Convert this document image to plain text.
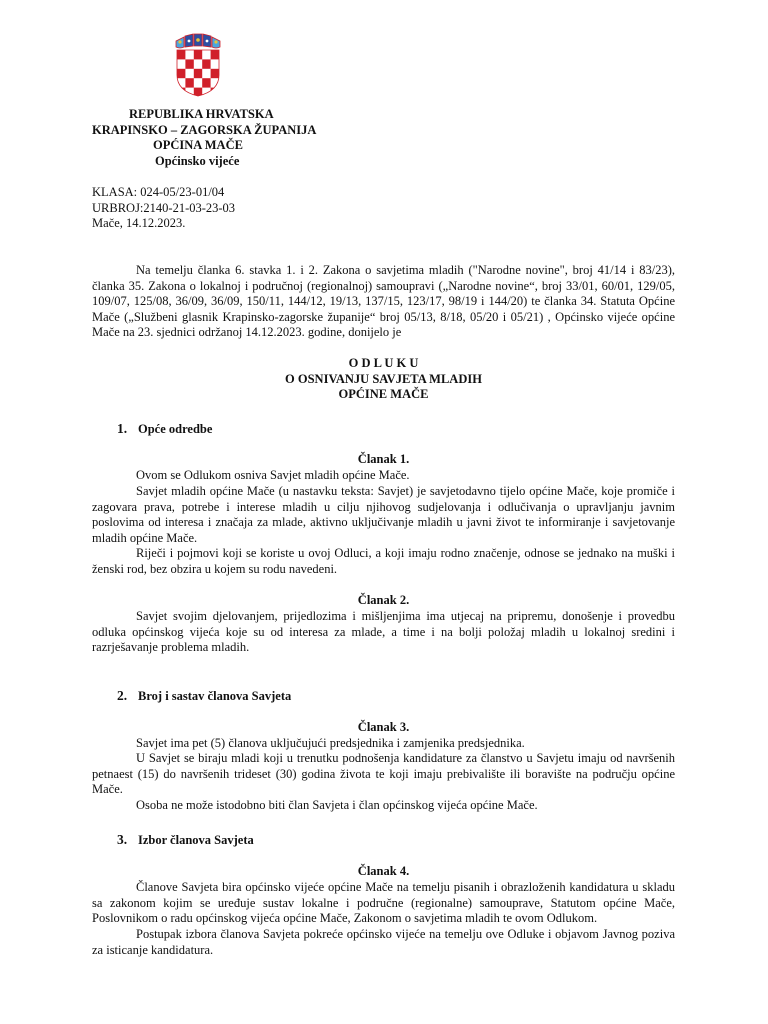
REPUBLIKA HRVATSKA
KRAPINSKO – ZAGORSKA ŽUPANIJA
OPĆINA MAČE
Općinsko vijeće
KLASA: 024-05/23-01/04
URBROJ:2140-21-03-23-03
Mače, 14.12.2023.
Na temelju članka 6. stavka 1. i 2. Zakona o savjetima mladih ("Narodne novine", broj 41/14 i 83/23), članka 35. Zakona o lokalnoj i područnoj (regionalnoj) samoupravi („Narodne novine“, broj 33/01, 60/01, 129/05, 109/07, 125/08, 36/09, 36/09, 150/11, 144/12, 19/13, 137/15, 123/17, 98/19 i 144/20) te članka 34. Statuta Općine Mače („Službeni glasnik Krapinsko-zagorske županije“ broj 05/13, 8/18, 05/20 i 05/21) , Općinsko vijeće općine Mače na 23. sjednici održanoj 14.12.2023. godine, donijelo je
O D L U K U
O OSNIVANJU SAVJETA MLADIH
OPĆINE MAČE
1. Opće odredbe
Članak 1.
Ovom se Odlukom osniva Savjet mladih općine Mače.
Savjet mladih općine Mače (u nastavku teksta: Savjet) je savjetodavno tijelo općine Mače, koje promiče i zagovara prava, potrebe i interese mladih u cilju njihovog sudjelovanja i odlučivanja o upravljanju javnim poslovima od interesa i značaja za mlade, aktivno uključivanje mladih u javni život te informiranje i savjetovanje mladih općine Mače.
Riječi i pojmovi koji se koriste u ovoj Odluci, a koji imaju rodno značenje, odnose se jednako na muški i ženski rod, bez obzira u kojem su rodu navedeni.
Članak 2.
Savjet svojim djelovanjem, prijedlozima i mišljenjima ima utjecaj na pripremu, donošenje i provedbu odluka općinskog vijeća koje su od interesa za mlade, a time i na bolji položaj mladih u lokalnoj sredini i razrješavanje problema mladih.
2. Broj i sastav članova Savjeta
Članak 3.
Savjet ima pet (5) članova uključujući predsjednika i zamjenika predsjednika.
U Savjet se biraju mladi koji u trenutku podnošenja kandidature za članstvo u Savjetu imaju od navršenih petnaest (15) do navršenih trideset (30) godina života te koji imaju prebivalište ili boravište na području općine Mače.
Osoba ne može istodobno biti član Savjeta i član općinskog vijeća općine Mače.
3. Izbor članova Savjeta
Članak 4.
Članove Savjeta bira općinsko vijeće općine Mače na temelju pisanih i obrazloženih kandidatura u skladu sa zakonom kojim se uređuje sustav lokalne i područne (regionalne) samouprave, Statutom općine Mače, Poslovnikom o radu općinskog vijeća općine Mače, Zakonom o savjetima mladih te ovom Odlukom.
Postupak izbora članova Savjeta pokreće općinsko vijeće na temelju ove Odluke i objavom Javnog poziva za isticanje kandidatura.
